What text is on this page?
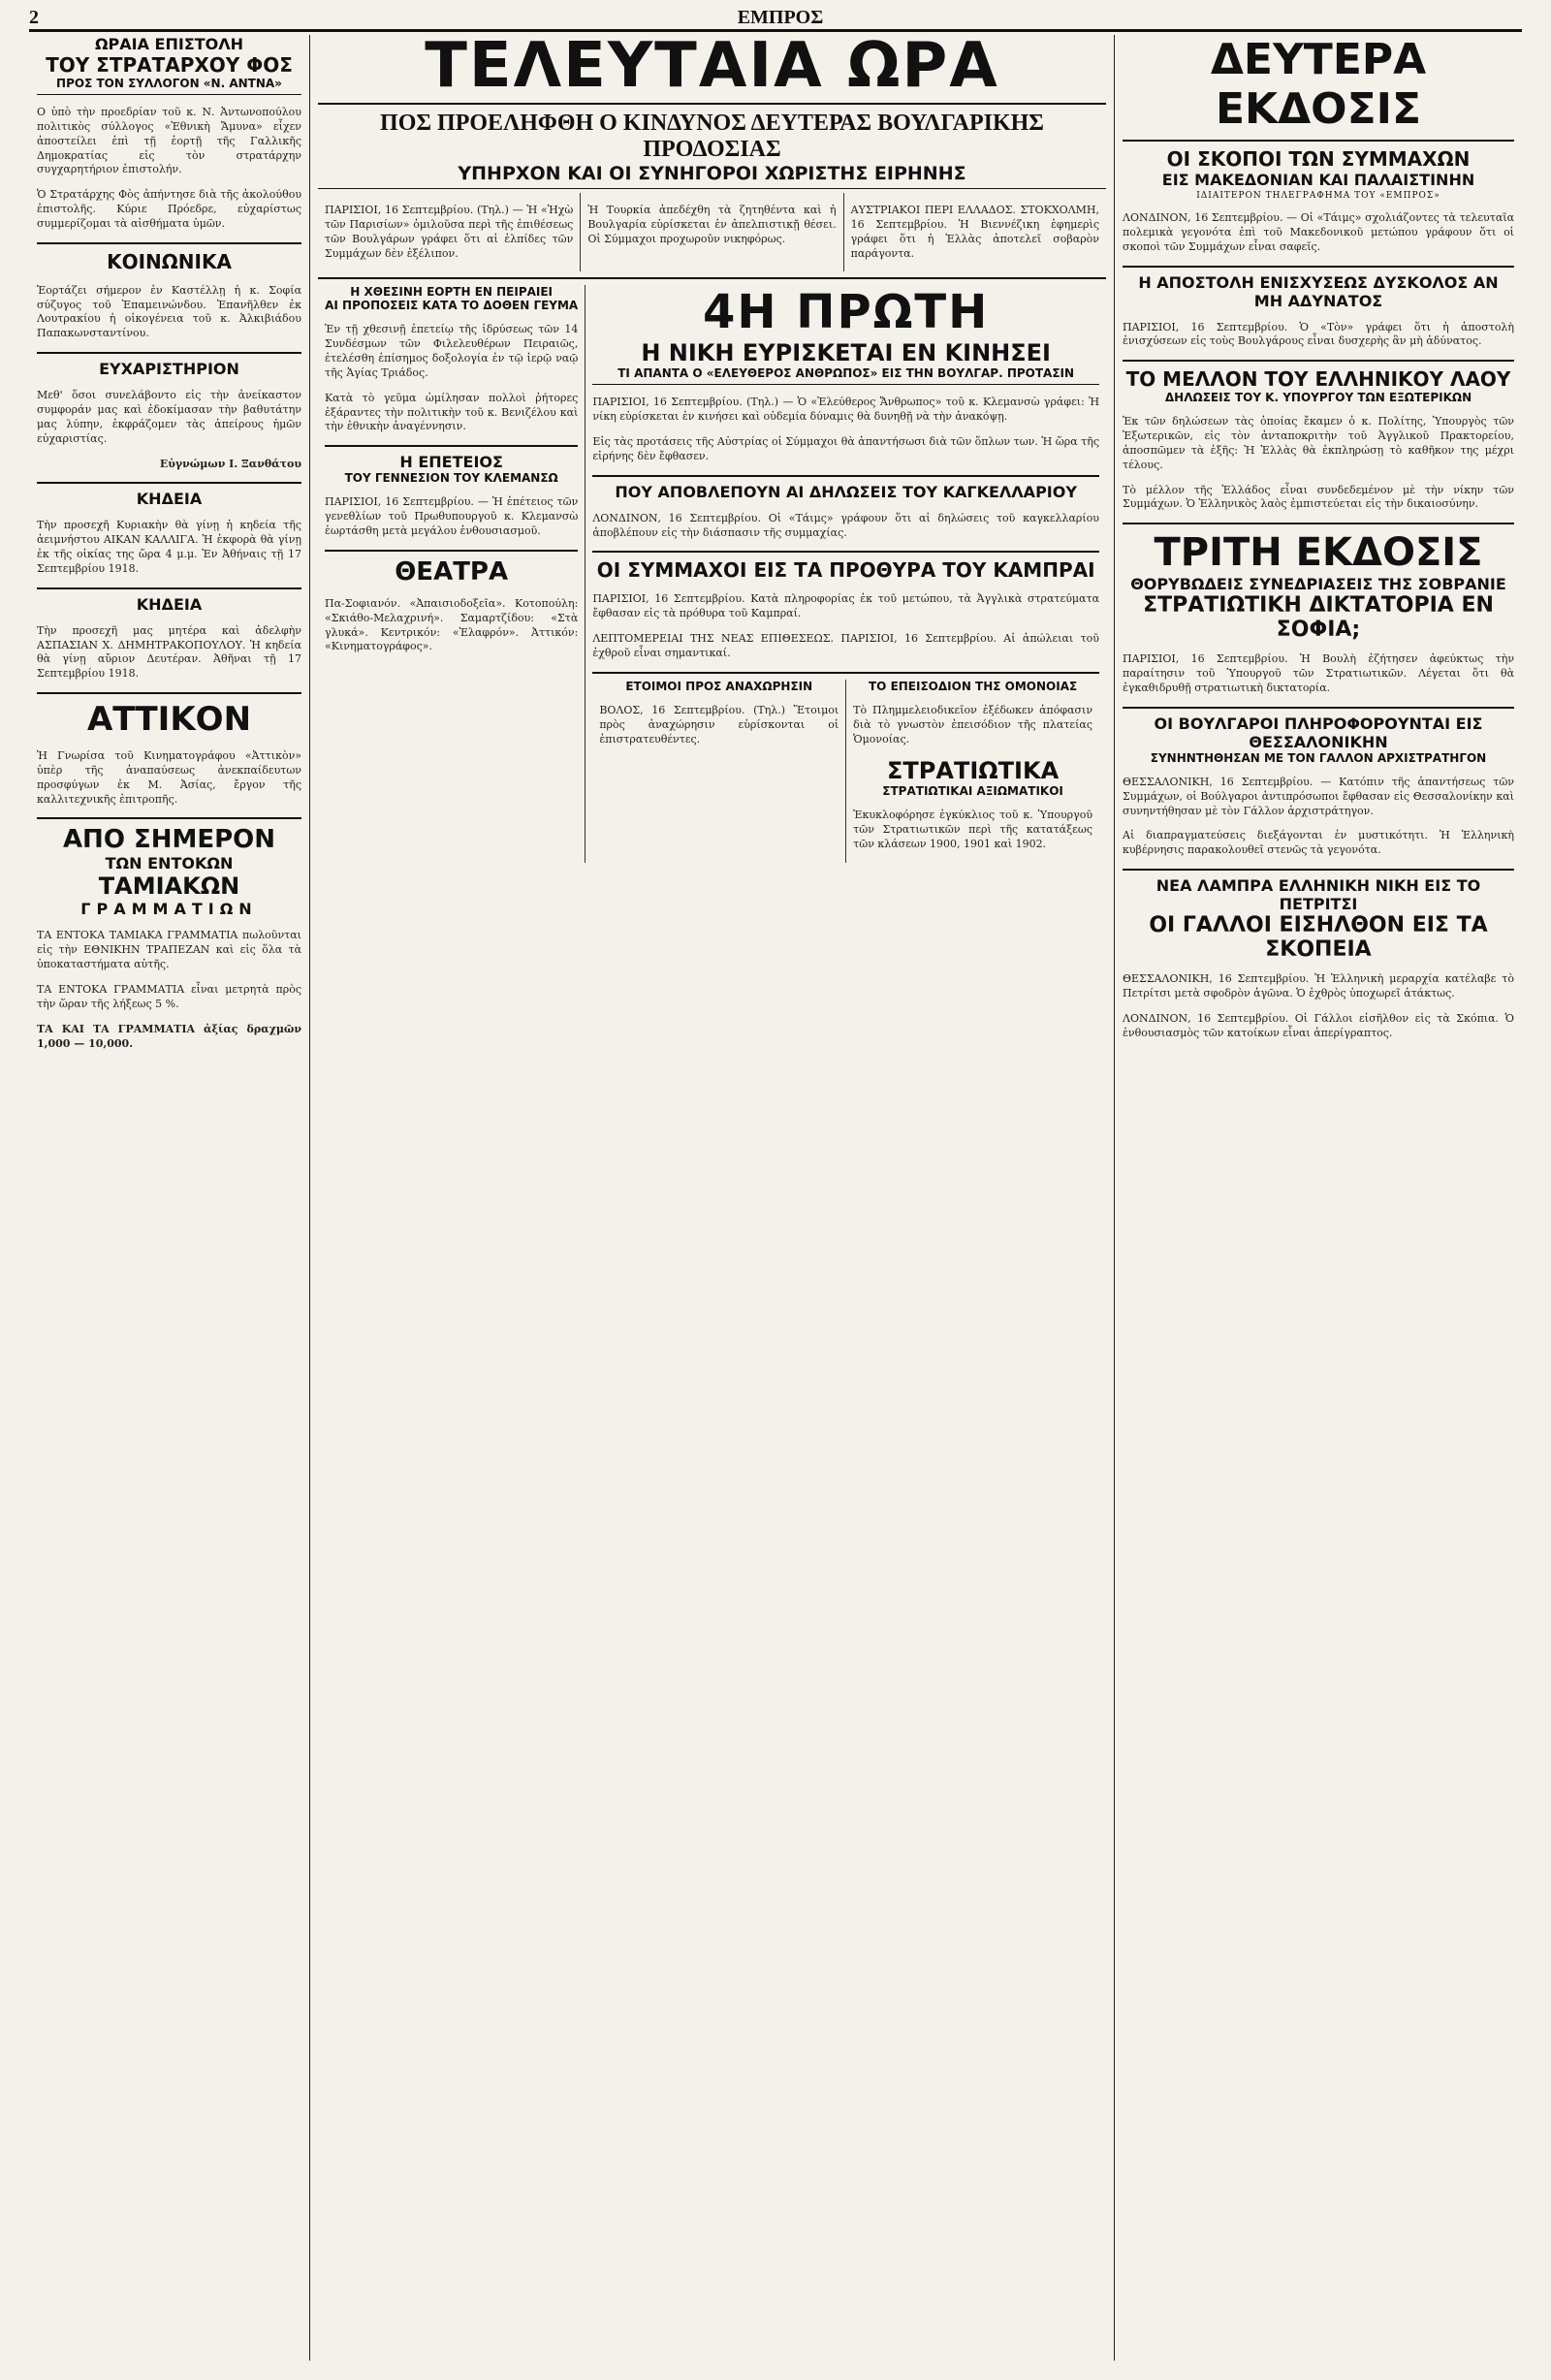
2	ΕΜΠΡΟΣ
ΩΡΑΙΑ ΕΠΙΣΤΟΛΗ
ΤΟΥ ΣΤΡΑΤΑΡΧΟΥ ΦΟΣ
ΠΡΟΣ ΤΟΝ ΣΥΛΛΟΓΟΝ «Ν. ΑΝΤΝΑ»

Ο ὑπὸ τὴν προεδρίαν τοῦ κ. Ν. Ἀντωνοπούλου πολιτικὸς σύλλογος «Ἐθνικὴ Ἄμυνα» εἶχεν ἀποστείλει ἐπὶ τῇ ἑορτῇ τῆς Γαλλικῆς Δημοκρατίας εἰς τὸν στρατάρχην συγχαρητήριον ἐπιστολήν.

Ὁ Στρατάρχης Φὸς ἀπήντησε διὰ τῆς ἀκολούθου ἐπιστολῆς. Κύριε Πρόεδρε, εὐχαρίστως συμμερίζομαι τὰ αἰσθήματα ὑμῶν.

ΚΟΙΝΩΝΙΚΑ

Ἑορτάζει σήμερον ἐν Καστέλλῃ ἡ κ. Σοφία σύζυγος τοῦ Ἐπαμεινώνδου. Ἐπανῆλθεν ἐκ Λουτρακίου ἡ οἰκογένεια τοῦ κ. Ἀλκιβιάδου Παπακωνσταντίνου.

ΕΥΧΑΡΙΣΤΗΡΙΟΝ

Μεθ' ὅσοι συνελάβοντο εἰς τὴν ἀνείκαστον συμφοράν μας καὶ ἐδοκίμασαν τὴν βαθυτάτην μας λύπην, ἐκφράζομεν τὰς ἀπείρους ἡμῶν εὐχαριστίας.

Εὐγνώμων Ι. Ξανθάτου

ΚΗΔΕΙΑ

Τὴν προσεχῆ Κυριακὴν θὰ γίνῃ ἡ κηδεία τῆς ἀειμνήστου ΑΙΚΑΝ ΚΑΛΛΙΓΑ. Ἡ ἐκφορὰ θὰ γίνῃ ἐκ τῆς οἰκίας της ὥρα 4 μ.μ. Ἐν Ἀθήναις τῇ 17 Σεπτεμβρίου 1918.

ΚΗΔΕΙΑ

Τὴν προσεχῆ μας μητέρα καὶ ἀδελφὴν ΑΣΠΑΣΙΑΝ Χ. ΔΗΜΗΤΡΑΚΟΠΟΥΛΟΥ. Ἡ κηδεία θὰ γίνῃ αὔριον Δευτέραν. Ἀθῆναι τῇ 17 Σεπτεμβρίου 1918.

ΑΤΤΙΚΟΝ

Ἡ Γνωρίσα τοῦ Κινηματογράφου «Ἀττικὸν» ὑπὲρ τῆς ἀναπαύσεως ἀνεκπαίδευτων προσφύγων ἐκ Μ. Ἀσίας, ἔργον τῆς καλλιτεχνικῆς ἐπιτροπῆς.

ΑΠΟ ΣΗΜΕΡΟΝ
ΤΩΝ ΕΝΤΟΚΩΝ
ΤΑΜΙΑΚΩΝ
ΓΡΑΜΜΑΤΙΩΝ

ΤΑ ΕΝΤΟΚΑ ΤΑΜΙΑΚΑ ΓΡΑΜΜΑΤΙΑ πωλοῦνται εἰς τὴν ΕΘΝΙΚΗΝ ΤΡΑΠΕΖΑΝ καὶ εἰς ὅλα τὰ ὑποκαταστήματα αὐτῆς.

ΤΑ ΕΝΤΟΚΑ ΓΡΑΜΜΑΤΙΑ εἶναι μετρητὰ πρὸς τὴν ὥραν τῆς λήξεως 5 %.

ΤΑ ΚΑΙ ΤΑ ΓΡΑΜΜΑΤΙΑ ἀξίας δραχμῶν 1,000 — 10,000.

ΤΕΛΕΥΤΑΙΑ ΩΡΑ
ΠΟΣ ΠΡΟΕΛΗΦΘΗ Ο ΚΙΝΔΥΝΟΣ ΔΕΥΤΕΡΑΣ ΒΟΥΛΓΑΡΙΚΗΣ ΠΡΟΔΟΣΙΑΣ
ΥΠΗΡΧΟΝ ΚΑΙ ΟΙ ΣΥΝΗΓΟΡΟΙ ΧΩΡΙΣΤΗΣ ΕΙΡΗΝΗΣ

ΠΑΡΙΣΙΟΙ, 16 Σεπτεμβρίου. (Τηλ.) — Ἡ «Ἠχὼ τῶν Παρισίων» ὁμιλοῦσα περὶ τῆς ἐπιθέσεως τῶν Βουλγάρων γράφει ὅτι αἱ ἐλπίδες τῶν Συμμάχων δὲν ἐξέλιπον.

Ἡ Τουρκία ἀπεδέχθη τὰ ζητηθέντα καὶ ἡ Βουλγαρία εὑρίσκεται ἐν ἀπελπιστικῇ θέσει. Οἱ Σύμμαχοι προχωροῦν νικηφόρως.

ΑΥΣΤΡΙΑΚΟΙ ΠΕΡΙ ΕΛΛΑΔΟΣ. ΣΤΟΚΧΟΛΜΗ, 16 Σεπτεμβρίου. Ἡ Βιεννέζικη ἐφημερὶς γράφει ὅτι ἡ Ἑλλὰς ἀποτελεῖ σοβαρὸν παράγοντα.

Η ΧΘΕΣΙΝΗ ΕΟΡΤΗ ΕΝ ΠΕΙΡΑΙΕΙ
ΑΙ ΠΡΟΠΟΣΕΙΣ ΚΑΤΑ ΤΟ ΔΟΘΕΝ ΓΕΥΜΑ

Ἐν τῇ χθεσινῇ ἐπετείῳ τῆς ἱδρύσεως τῶν 14 Συνδέσμων τῶν Φιλελευθέρων Πειραιῶς, ἐτελέσθη ἐπίσημος δοξολογία ἐν τῷ ἱερῷ ναῷ τῆς Ἁγίας Τριάδος.

Κατὰ τὸ γεῦμα ὡμίλησαν πολλοὶ ῥήτορες ἐξάραντες τὴν πολιτικὴν τοῦ κ. Βενιζέλου καὶ τὴν ἐθνικὴν ἀναγέννησιν.

Η ΕΠΕΤΕΙΟΣ
ΤΟΥ ΓΕΝΝΕΣΙΟΝ ΤΟΥ ΚΛΕΜΑΝΣΩ

ΠΑΡΙΣΙΟΙ, 16 Σεπτεμβρίου. — Ἡ ἐπέτειος τῶν γενεθλίων τοῦ Πρωθυπουργοῦ κ. Κλεμανσὼ ἑωρτάσθη μετὰ μεγάλου ἐνθουσιασμοῦ.

ΘΕΑΤΡΑ

Πα-Σοφιανόν. «Ἀπαισιοδοξεῖα». Κοτοπούλη: «Σκιάθο-Μελαχρινή». Σαμαρτζίδου: «Στὰ γλυκά». Κεντρικόν: «Ἐλαφρόν». Ἀττικόν: «Κινηματογράφος».

4Η ΠΡΩΤΗ
Η ΝΙΚΗ ΕΥΡΙΣΚΕΤΑΙ ΕΝ ΚΙΝΗΣΕΙ
ΤΙ ΑΠΑΝΤΑ Ο «ΕΛΕΥΘΕΡΟΣ ΑΝΘΡΩΠΟΣ» ΕΙΣ ΤΗΝ ΒΟΥΛΓΑΡ. ΠΡΟΤΑΣΙΝ

ΠΑΡΙΣΙΟΙ, 16 Σεπτεμβρίου. (Τηλ.) — Ὁ «Ἐλεύθερος Ἄνθρωπος» τοῦ κ. Κλεμανσὼ γράφει: Ἡ νίκη εὑρίσκεται ἐν κινήσει καὶ οὐδεμία δύναμις θὰ δυνηθῇ νὰ τὴν ἀνακόψῃ.

Εἰς τὰς προτάσεις τῆς Αὐστρίας οἱ Σύμμαχοι θὰ ἀπαντήσωσι διὰ τῶν ὅπλων των. Ἡ ὥρα τῆς εἰρήνης δὲν ἔφθασεν.

ΠΟΥ ΑΠΟΒΛΕΠΟΥΝ ΑΙ ΔΗΛΩΣΕΙΣ ΤΟΥ ΚΑΓΚΕΛΛΑΡΙΟΥ

ΛΟΝΔΙΝΟΝ, 16 Σεπτεμβρίου. Οἱ «Τάιμς» γράφουν ὅτι αἱ δηλώσεις τοῦ καγκελλαρίου ἀποβλέπουν εἰς τὴν διάσπασιν τῆς συμμαχίας.

ΟΙ ΣΥΜΜΑΧΟΙ ΕΙΣ ΤΑ ΠΡΟΘΥΡΑ ΤΟΥ ΚΑΜΠΡΑΙ

ΠΑΡΙΣΙΟΙ, 16 Σεπτεμβρίου. Κατὰ πληροφορίας ἐκ τοῦ μετώπου, τὰ Ἀγγλικὰ στρατεύματα ἔφθασαν εἰς τὰ πρόθυρα τοῦ Καμπραί.

ΛΕΠΤΟΜΕΡΕΙΑΙ ΤΗΣ ΝΕΑΣ ΕΠΙΘΕΣΕΩΣ. ΠΑΡΙΣΙΟΙ, 16 Σεπτεμβρίου. Αἱ ἀπώλειαι τοῦ ἐχθροῦ εἶναι σημαντικαί.

ΕΤΟΙΜΟΙ ΠΡΟΣ ΑΝΑΧΩΡΗΣΙΝ

ΒΟΛΟΣ, 16 Σεπτεμβρίου. (Τηλ.) Ἕτοιμοι πρὸς ἀναχώρησιν εὑρίσκονται οἱ ἐπιστρατευθέντες.

ΤΟ ΕΠΕΙΣΟΔΙΟΝ ΤΗΣ ΟΜΟΝΟΙΑΣ

Τὸ Πλημμελειοδικεῖον ἐξέδωκεν ἀπόφασιν διὰ τὸ γνωστὸν ἐπεισόδιον τῆς πλατείας Ὁμονοίας.

ΣΤΡΑΤΙΩΤΙΚΑ
ΣΤΡΑΤΙΩΤΙΚΑΙ ΑΞΙΩΜΑΤΙΚΟΙ

Ἐκυκλοφόρησε ἐγκύκλιος τοῦ κ. Ὑπουργοῦ τῶν Στρατιωτικῶν περὶ τῆς κατατάξεως τῶν κλάσεων 1900, 1901 καὶ 1902.

ΔΕΥΤΕΡΑ ΕΚΔΟΣΙΣ
ΟΙ ΣΚΟΠΟΙ ΤΩΝ ΣΥΜΜΑΧΩΝ
ΕΙΣ ΜΑΚΕΔΟΝΙΑΝ ΚΑΙ ΠΑΛΑΙΣΤΙΝΗΝ

ΙΔΙΑΙΤΕΡΟΝ ΤΗΛΕΓΡΑΦΗΜΑ ΤΟΥ «ΕΜΠΡΟΣ»

ΛΟΝΔΙΝΟΝ, 16 Σεπτεμβρίου. — Οἱ «Τάιμς» σχολιάζοντες τὰ τελευταῖα πολεμικὰ γεγονότα ἐπὶ τοῦ Μακεδονικοῦ μετώπου γράφουν ὅτι οἱ σκοποὶ τῶν Συμμάχων εἶναι σαφεῖς.

Η ΑΠΟΣΤΟΛΗ ΕΝΙΣΧΥΣΕΩΣ ΔΥΣΚΟΛΟΣ ΑΝ ΜΗ ΑΔΥΝΑΤΟΣ

ΠΑΡΙΣΙΟΙ, 16 Σεπτεμβρίου. Ὁ «Τὸν» γράφει ὅτι ἡ ἀποστολὴ ἐνισχύσεων εἰς τοὺς Βουλγάρους εἶναι δυσχερὴς ἂν μὴ ἀδύνατος.

ΤΟ ΜΕΛΛΟΝ ΤΟΥ ΕΛΛΗΝΙΚΟΥ ΛΑΟΥ
ΔΗΛΩΣΕΙΣ ΤΟΥ Κ. ΥΠΟΥΡΓΟΥ ΤΩΝ ΕΞΩΤΕΡΙΚΩΝ

Ἐκ τῶν δηλώσεων τὰς ὁποίας ἔκαμεν ὁ κ. Πολίτης, Ὑπουργὸς τῶν Ἐξωτερικῶν, εἰς τὸν ἀνταποκριτὴν τοῦ Ἀγγλικοῦ Πρακτορείου, ἀποσπῶμεν τὰ ἑξῆς: Ἡ Ἑλλὰς θὰ ἐκπληρώσῃ τὸ καθῆκον της μέχρι τέλους.

Τὸ μέλλον τῆς Ἑλλάδος εἶναι συνδεδεμένον μὲ τὴν νίκην τῶν Συμμάχων. Ὁ Ἑλληνικὸς λαὸς ἐμπιστεύεται εἰς τὴν δικαιοσύνην.

ΤΡΙΤΗ ΕΚΔΟΣΙΣ
ΘΟΡΥΒΩΔΕΙΣ ΣΥΝΕΔΡΙΑΣΕΙΣ ΤΗΣ ΣΟΒΡΑΝΙΕ
ΣΤΡΑΤΙΩΤΙΚΗ ΔΙΚΤΑΤΟΡΙΑ ΕΝ ΣΟΦΙΑ;

ΠΑΡΙΣΙΟΙ, 16 Σεπτεμβρίου. Ἡ Βουλὴ ἐζήτησεν ἀφεύκτως τὴν παραίτησιν τοῦ Ὑπουργοῦ τῶν Στρατιωτικῶν. Λέγεται ὅτι θὰ ἐγκαθιδρυθῇ στρατιωτικὴ δικτατορία.

ΟΙ ΒΟΥΛΓΑΡΟΙ ΠΛΗΡΟΦΟΡΟΥΝΤΑΙ ΕΙΣ ΘΕΣΣΑΛΟΝΙΚΗΝ
ΣΥΝΗΝΤΗΘΗΣΑΝ ΜΕ ΤΟΝ ΓΑΛΛΟΝ ΑΡΧΙΣΤΡΑΤΗΓΟΝ

ΘΕΣΣΑΛΟΝΙΚΗ, 16 Σεπτεμβρίου. — Κατόπιν τῆς ἀπαντήσεως τῶν Συμμάχων, οἱ Βούλγαροι ἀντιπρόσωποι ἔφθασαν εἰς Θεσσαλονίκην καὶ συνηντήθησαν μὲ τὸν Γάλλον ἀρχιστράτηγον.

Αἱ διαπραγματεύσεις διεξάγονται ἐν μυστικότητι. Ἡ Ἑλληνικὴ κυβέρνησις παρακολουθεῖ στενῶς τὰ γεγονότα.

ΝΕΑ ΛΑΜΠΡΑ ΕΛΛΗΝΙΚΗ ΝΙΚΗ ΕΙΣ ΤΟ ΠΕΤΡΙΤΣΙ
ΟΙ ΓΑΛΛΟΙ ΕΙΣΗΛΘΟΝ ΕΙΣ ΤΑ ΣΚΟΠΕΙΑ

ΘΕΣΣΑΛΟΝΙΚΗ, 16 Σεπτεμβρίου. Ἡ Ἑλληνικὴ μεραρχία κατέλαβε τὸ Πετρίτσι μετὰ σφοδρὸν ἀγῶνα. Ὁ ἐχθρὸς ὑποχωρεῖ ἀτάκτως.

ΛΟΝΔΙΝΟΝ, 16 Σεπτεμβρίου. Οἱ Γάλλοι εἰσῆλθον εἰς τὰ Σκόπια. Ὁ ἐνθουσιασμὸς τῶν κατοίκων εἶναι ἀπερίγραπτος.
